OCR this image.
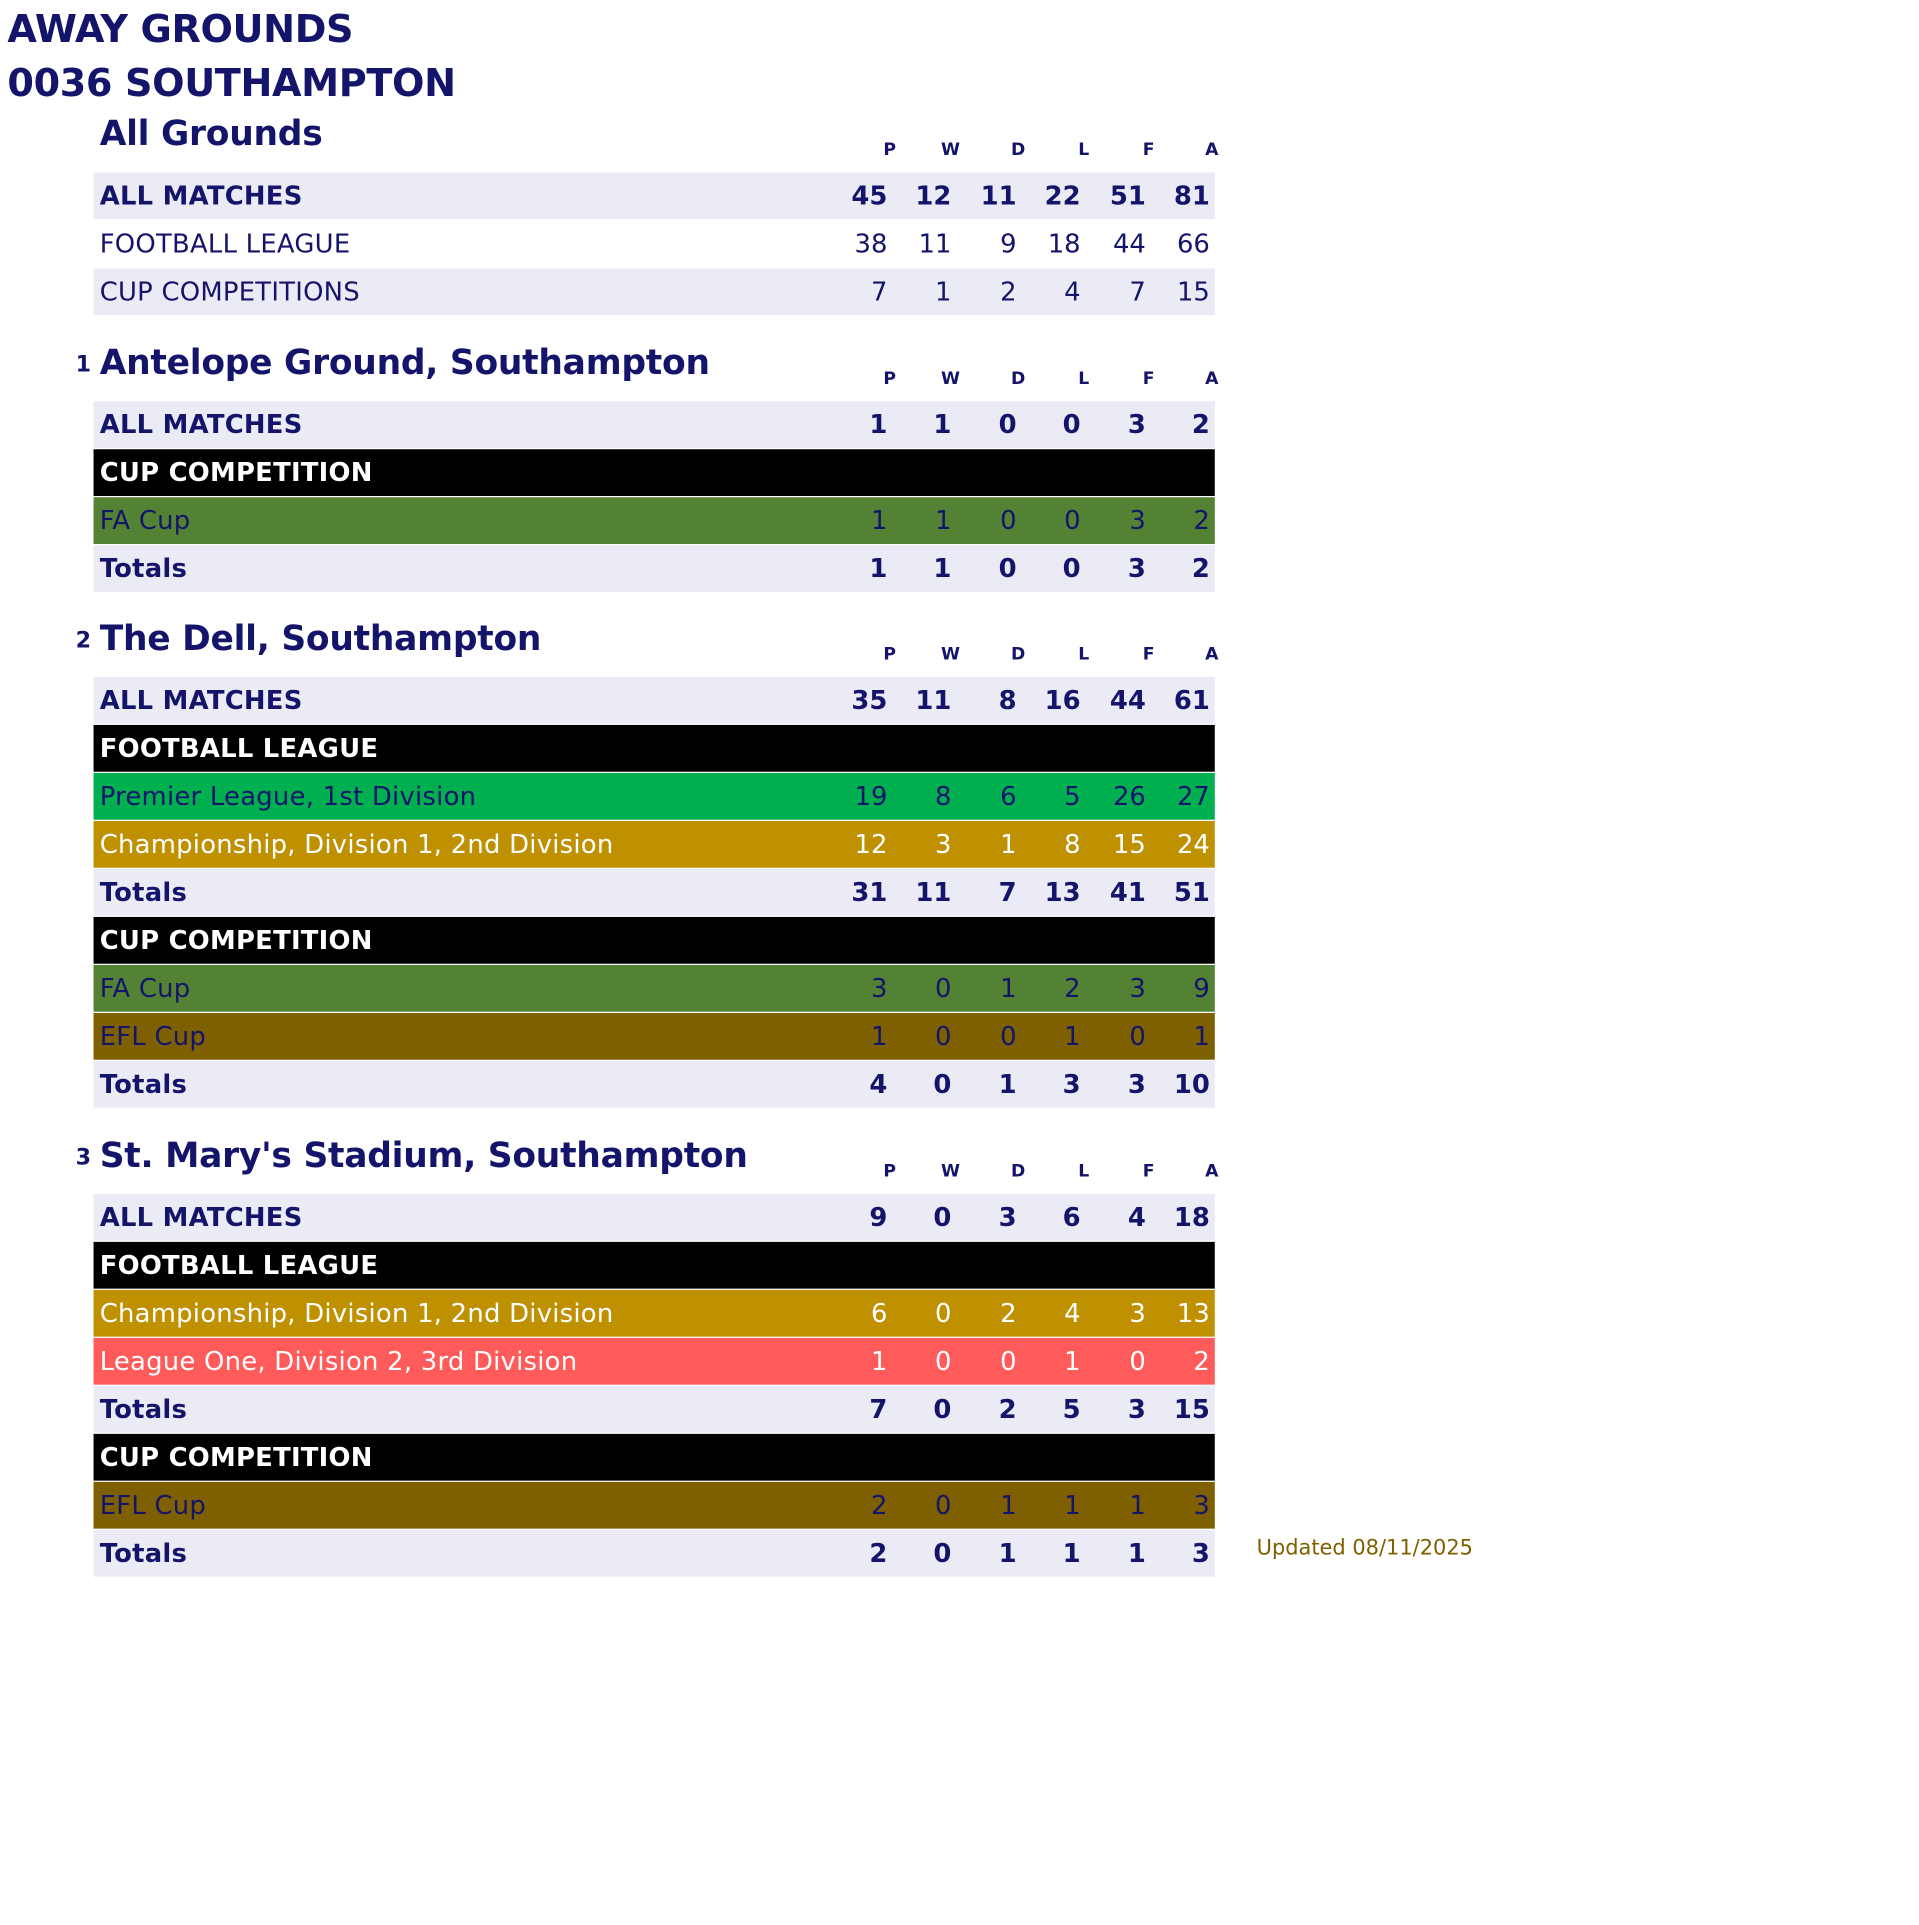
AWAY GROUNDS
0036 SOUTHAMPTON
All Grounds	P	W	D	L	F	A
ALL MATCHES	45	12	11	22	51	81
FOOTBALL LEAGUE	38	11	9	18	44	66
CUP COMPETITIONS	7	1	2	4	7	15
1 Antelope Ground, Southampton	P	W	D	L	F	A
ALL MATCHES	1	1	0	0	3	2
CUP COMPETITION
FA Cup	1	1	0	0	3	2
Totals	1	1	0	0	3	2
2 The Dell, Southampton	P	W	D	L	F	A
ALL MATCHES	35	11	8	16	44	61
FOOTBALL LEAGUE
Premier League, 1st Division	19	8	6	5	26	27
Championship, Division 1, 2nd Division	12	3	1	8	15	24
Totals	31	11	7	13	41	51
CUP COMPETITION
FA Cup	3	0	1	2	3	9
EFL Cup	1	0	0	1	0	1
Totals	4	0	1	3	3	10
3 St. Mary's Stadium, Southampton	P	W	D	L	F	A
ALL MATCHES	9	0	3	6	4	18
FOOTBALL LEAGUE
Championship, Division 1, 2nd Division	6	0	2	4	3	13
League One, Division 2, 3rd Division	1	0	0	1	0	2
Totals	7	0	2	5	3	15
CUP COMPETITION
EFL Cup	2	0	1	1	1	3
Totals	2	0	1	1	1	3	Updated 08/11/2025
